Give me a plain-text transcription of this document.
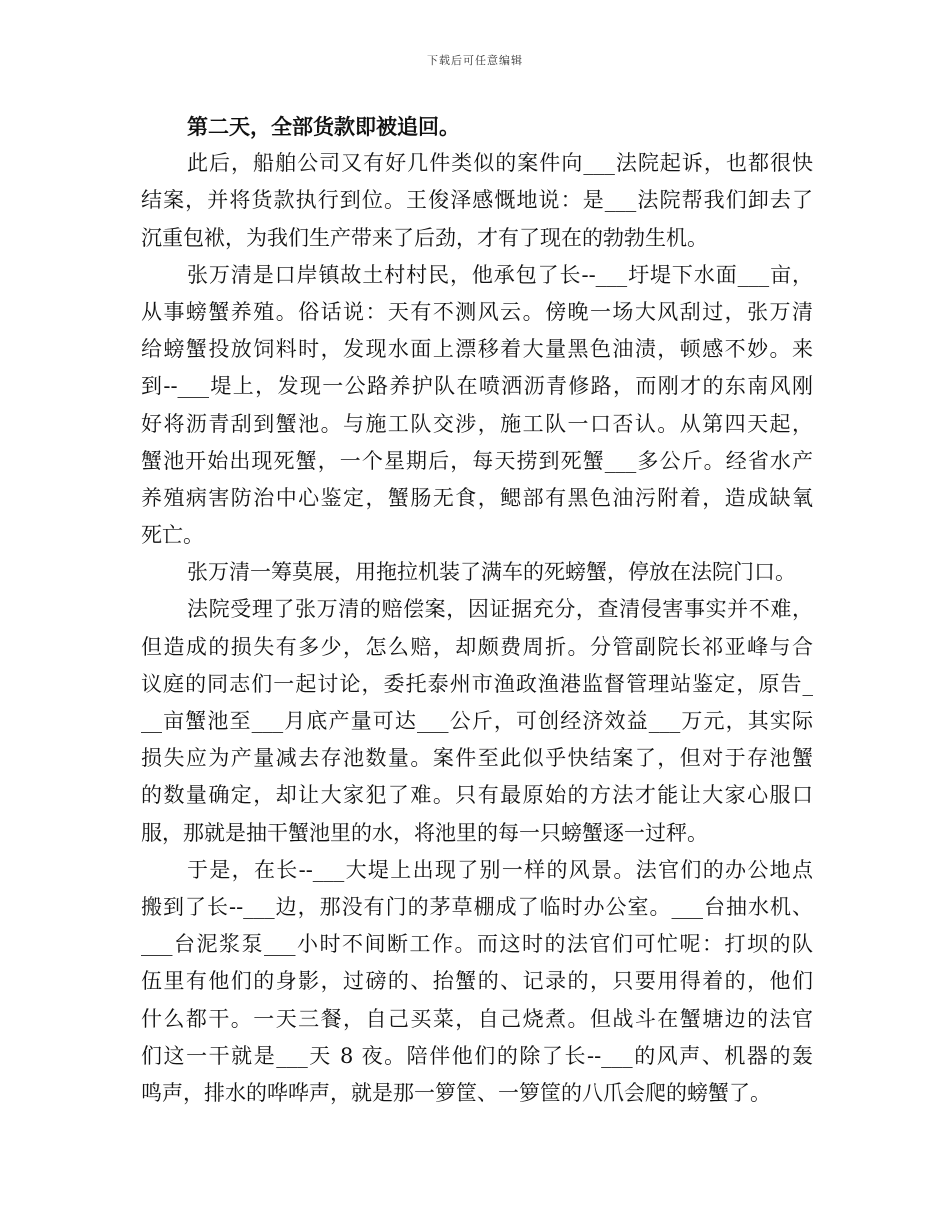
下载后可任意编辑
第二天，全部货款即被追回。
此后，船舶公司又有好几件类似的案件向___法院起诉，也都很快
结案，并将货款执行到位。王俊泽感慨地说：是___法院帮我们卸去了
沉重包袱，为我们生产带来了后劲，才有了现在的勃勃生机。
张万清是口岸镇故土村村民，他承包了长--___圩堤下水面___亩，
从事螃蟹养殖。俗话说：天有不测风云。傍晚一场大风刮过，张万清
给螃蟹投放饲料时，发现水面上漂移着大量黑色油渍，顿感不妙。来
到--___堤上，发现一公路养护队在喷洒沥青修路，而刚才的东南风刚
好将沥青刮到蟹池。与施工队交涉，施工队一口否认。从第四天起，
蟹池开始出现死蟹，一个星期后，每天捞到死蟹___多公斤。经省水产
养殖病害防治中心鉴定，蟹肠无食，鳃部有黑色油污附着，造成缺氧
死亡。
张万清一筹莫展，用拖拉机装了满车的死螃蟹，停放在法院门口。
法院受理了张万清的赔偿案，因证据充分，查清侵害事实并不难，
但造成的损失有多少，怎么赔，却颇费周折。分管副院长祁亚峰与合
议庭的同志们一起讨论，委托泰州市渔政渔港监督管理站鉴定，原告_
__亩蟹池至___月底产量可达___公斤，可创经济效益___万元，其实际
损失应为产量减去存池数量。案件至此似乎快结案了，但对于存池蟹
的数量确定，却让大家犯了难。只有最原始的方法才能让大家心服口
服，那就是抽干蟹池里的水，将池里的每一只螃蟹逐一过秤。
于是，在长--___大堤上出现了别一样的风景。法官们的办公地点
搬到了长--___边，那没有门的茅草棚成了临时办公室。___台抽水机、
___台泥浆泵___小时不间断工作。而这时的法官们可忙呢：打坝的队
伍里有他们的身影，过磅的、抬蟹的、记录的，只要用得着的，他们
什么都干。一天三餐，自己买菜，自己烧煮。但战斗在蟹塘边的法官
们这一干就是___天 8 夜。陪伴他们的除了长--___的风声、机器的轰
鸣声，排水的哗哗声，就是那一箩筐、一箩筐的八爪会爬的螃蟹了。
